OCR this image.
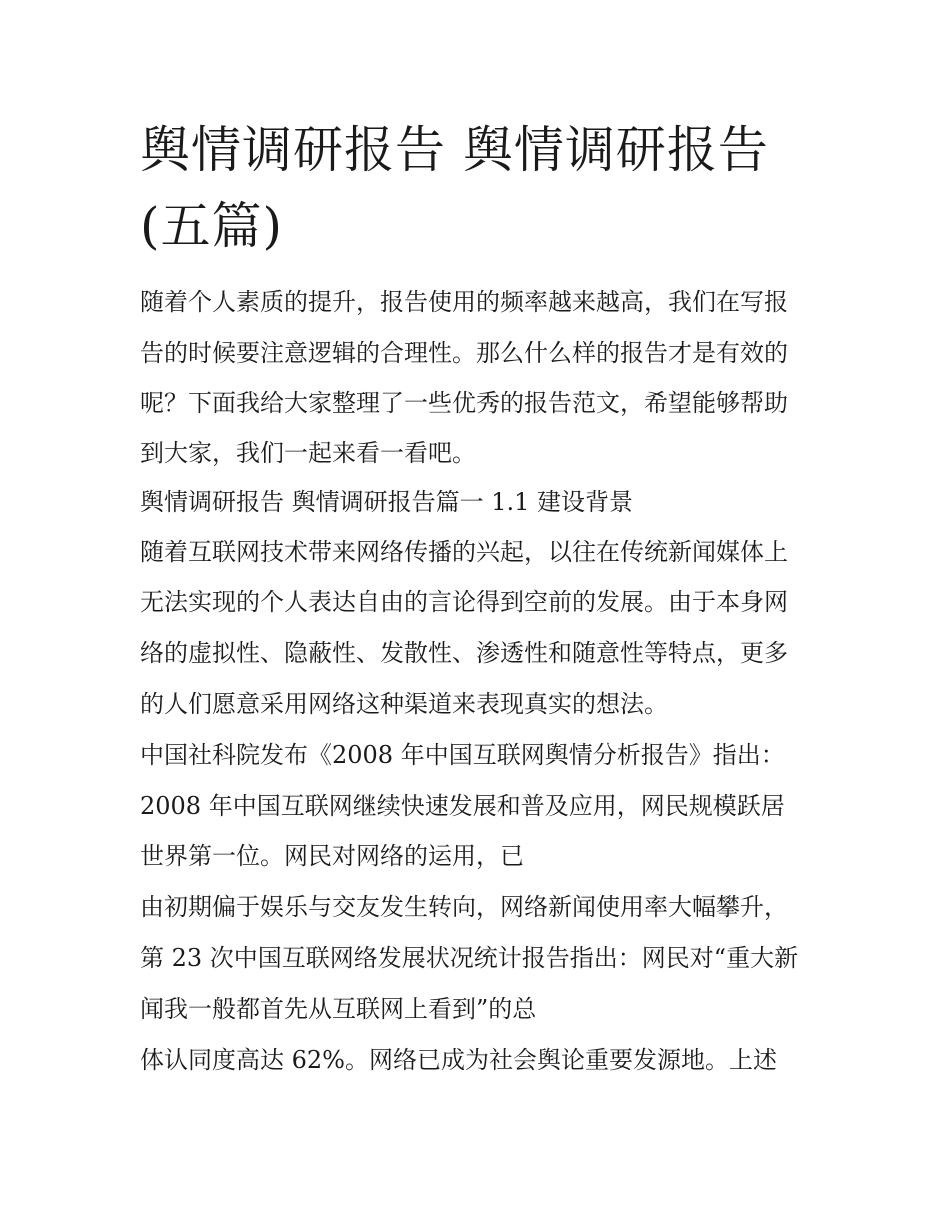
舆情调研报告 舆情调研报告
(五篇)

随着个人素质的提升，报告使用的频率越来越高，我们在写报

告的时候要注意逻辑的合理性。那么什么样的报告才是有效的

呢？下面我给大家整理了一些优秀的报告范文，希望能够帮助

到大家，我们一起来看一看吧。

舆情调研报告 舆情调研报告篇一 1.1 建设背景

随着互联网技术带来网络传播的兴起，以往在传统新闻媒体上

无法实现的个人表达自由的言论得到空前的发展。由于本身网

络的虚拟性、隐蔽性、发散性、渗透性和随意性等特点，更多

的人们愿意采用网络这种渠道来表现真实的想法。

中国社科院发布《2008 年中国互联网舆情分析报告》指出：

2008 年中国互联网继续快速发展和普及应用，网民规模跃居

世界第一位。网民对网络的运用，已

由初期偏于娱乐与交友发生转向，网络新闻使用率大幅攀升，

第 23 次中国互联网络发展状况统计报告指出：网民对“重大新

闻我一般都首先从互联网上看到”的总

体认同度高达 62%。网络已成为社会舆论重要发源地。上述
